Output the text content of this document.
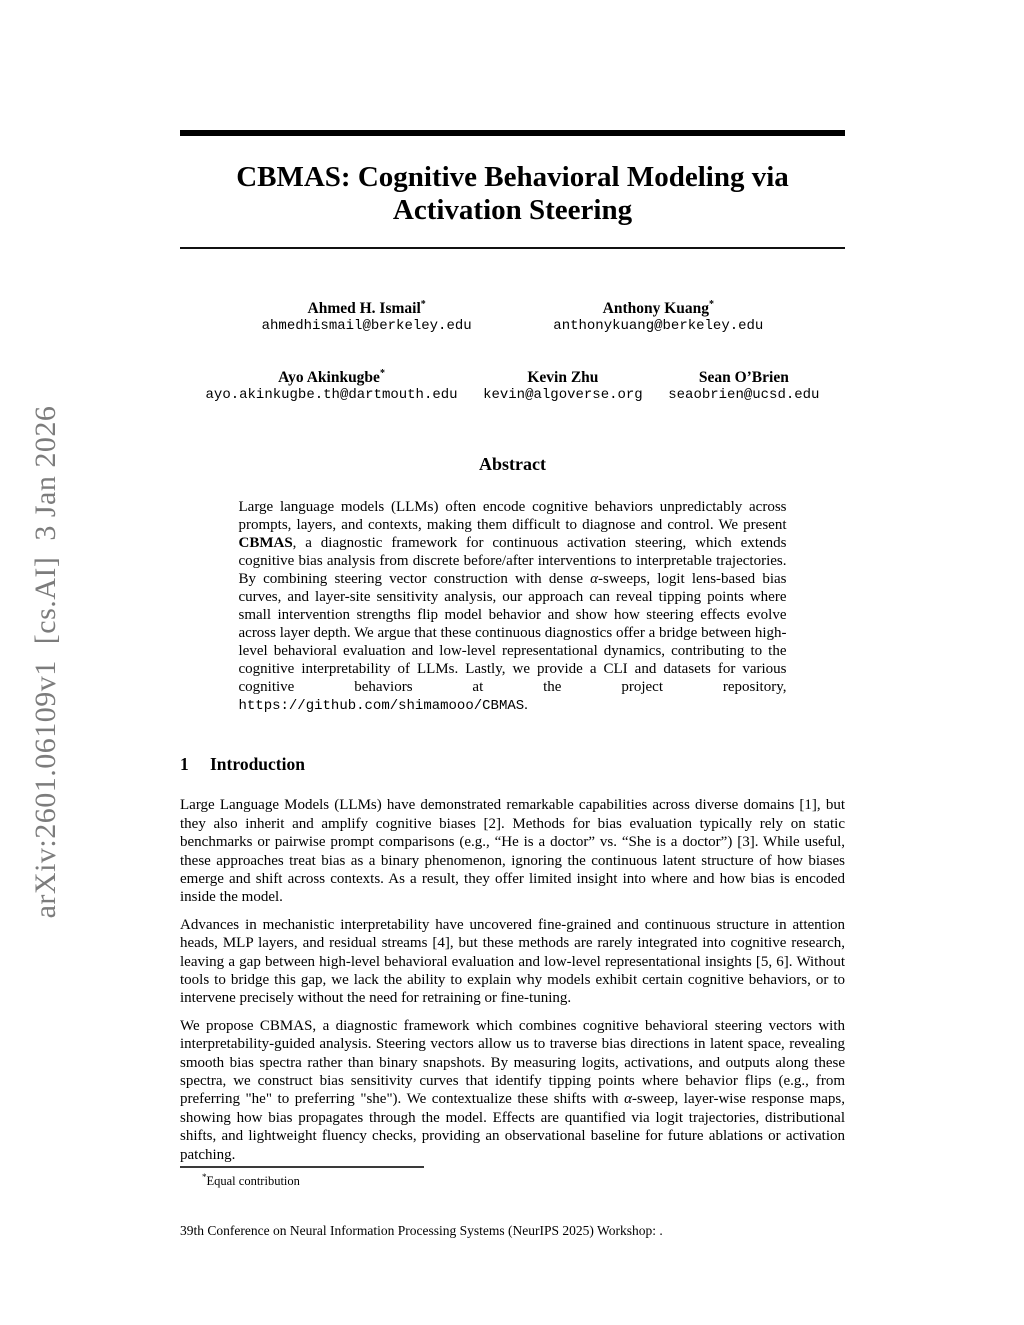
arXiv:2601.06109v1  [cs.AI]  3 Jan 2026
CBMAS: Cognitive Behavioral Modeling via
Activation Steering
Ahmed H. Ismail*
ahmedhismail@berkeley.edu
Anthony Kuang*
anthonykuang@berkeley.edu
Ayo Akinkugbe*
ayo.akinkugbe.th@dartmouth.edu
Kevin Zhu
kevin@algoverse.org
Sean O’Brien
seaobrien@ucsd.edu
Abstract
Large language models (LLMs) often encode cognitive behaviors unpredictably across prompts, layers, and contexts, making them difficult to diagnose and control. We present CBMAS, a diagnostic framework for continuous activation steering, which extends cognitive bias analysis from discrete before/after interventions to interpretable trajectories. By combining steering vector construction with dense α-sweeps, logit lens-based bias curves, and layer-site sensitivity analysis, our approach can reveal tipping points where small intervention strengths flip model behavior and show how steering effects evolve across layer depth. We argue that these continuous diagnostics offer a bridge between high-level behavioral evaluation and low-level representational dynamics, contributing to the cognitive interpretability of LLMs. Lastly, we provide a CLI and datasets for various cognitive behaviors at the project repository, https://github.com/shimamooo/CBMAS.
1 Introduction

Large Language Models (LLMs) have demonstrated remarkable capabilities across diverse domains [1], but they also inherit and amplify cognitive biases [2]. Methods for bias evaluation typically rely on static benchmarks or pairwise prompt comparisons (e.g., “He is a doctor” vs. “She is a doctor”) [3]. While useful, these approaches treat bias as a binary phenomenon, ignoring the continuous latent structure of how biases emerge and shift across contexts. As a result, they offer limited insight into where and how bias is encoded inside the model.

Advances in mechanistic interpretability have uncovered fine-grained and continuous structure in attention heads, MLP layers, and residual streams [4], but these methods are rarely integrated into cognitive research, leaving a gap between high-level behavioral evaluation and low-level representational insights [5, 6]. Without tools to bridge this gap, we lack the ability to explain why models exhibit certain cognitive behaviors, or to intervene precisely without the need for retraining or fine-tuning.

We propose CBMAS, a diagnostic framework which combines cognitive behavioral steering vectors with interpretability-guided analysis. Steering vectors allow us to traverse bias directions in latent space, revealing smooth bias spectra rather than binary snapshots. By measuring logits, activations, and outputs along these spectra, we construct bias sensitivity curves that identify tipping points where behavior flips (e.g., from preferring "he" to preferring "she"). We contextualize these shifts with α-sweep, layer-wise response maps, showing how bias propagates through the model. Effects are quantified via logit trajectories, distributional shifts, and lightweight fluency checks, providing an observational baseline for future ablations or activation patching.

*Equal contribution
39th Conference on Neural Information Processing Systems (NeurIPS 2025) Workshop: .
